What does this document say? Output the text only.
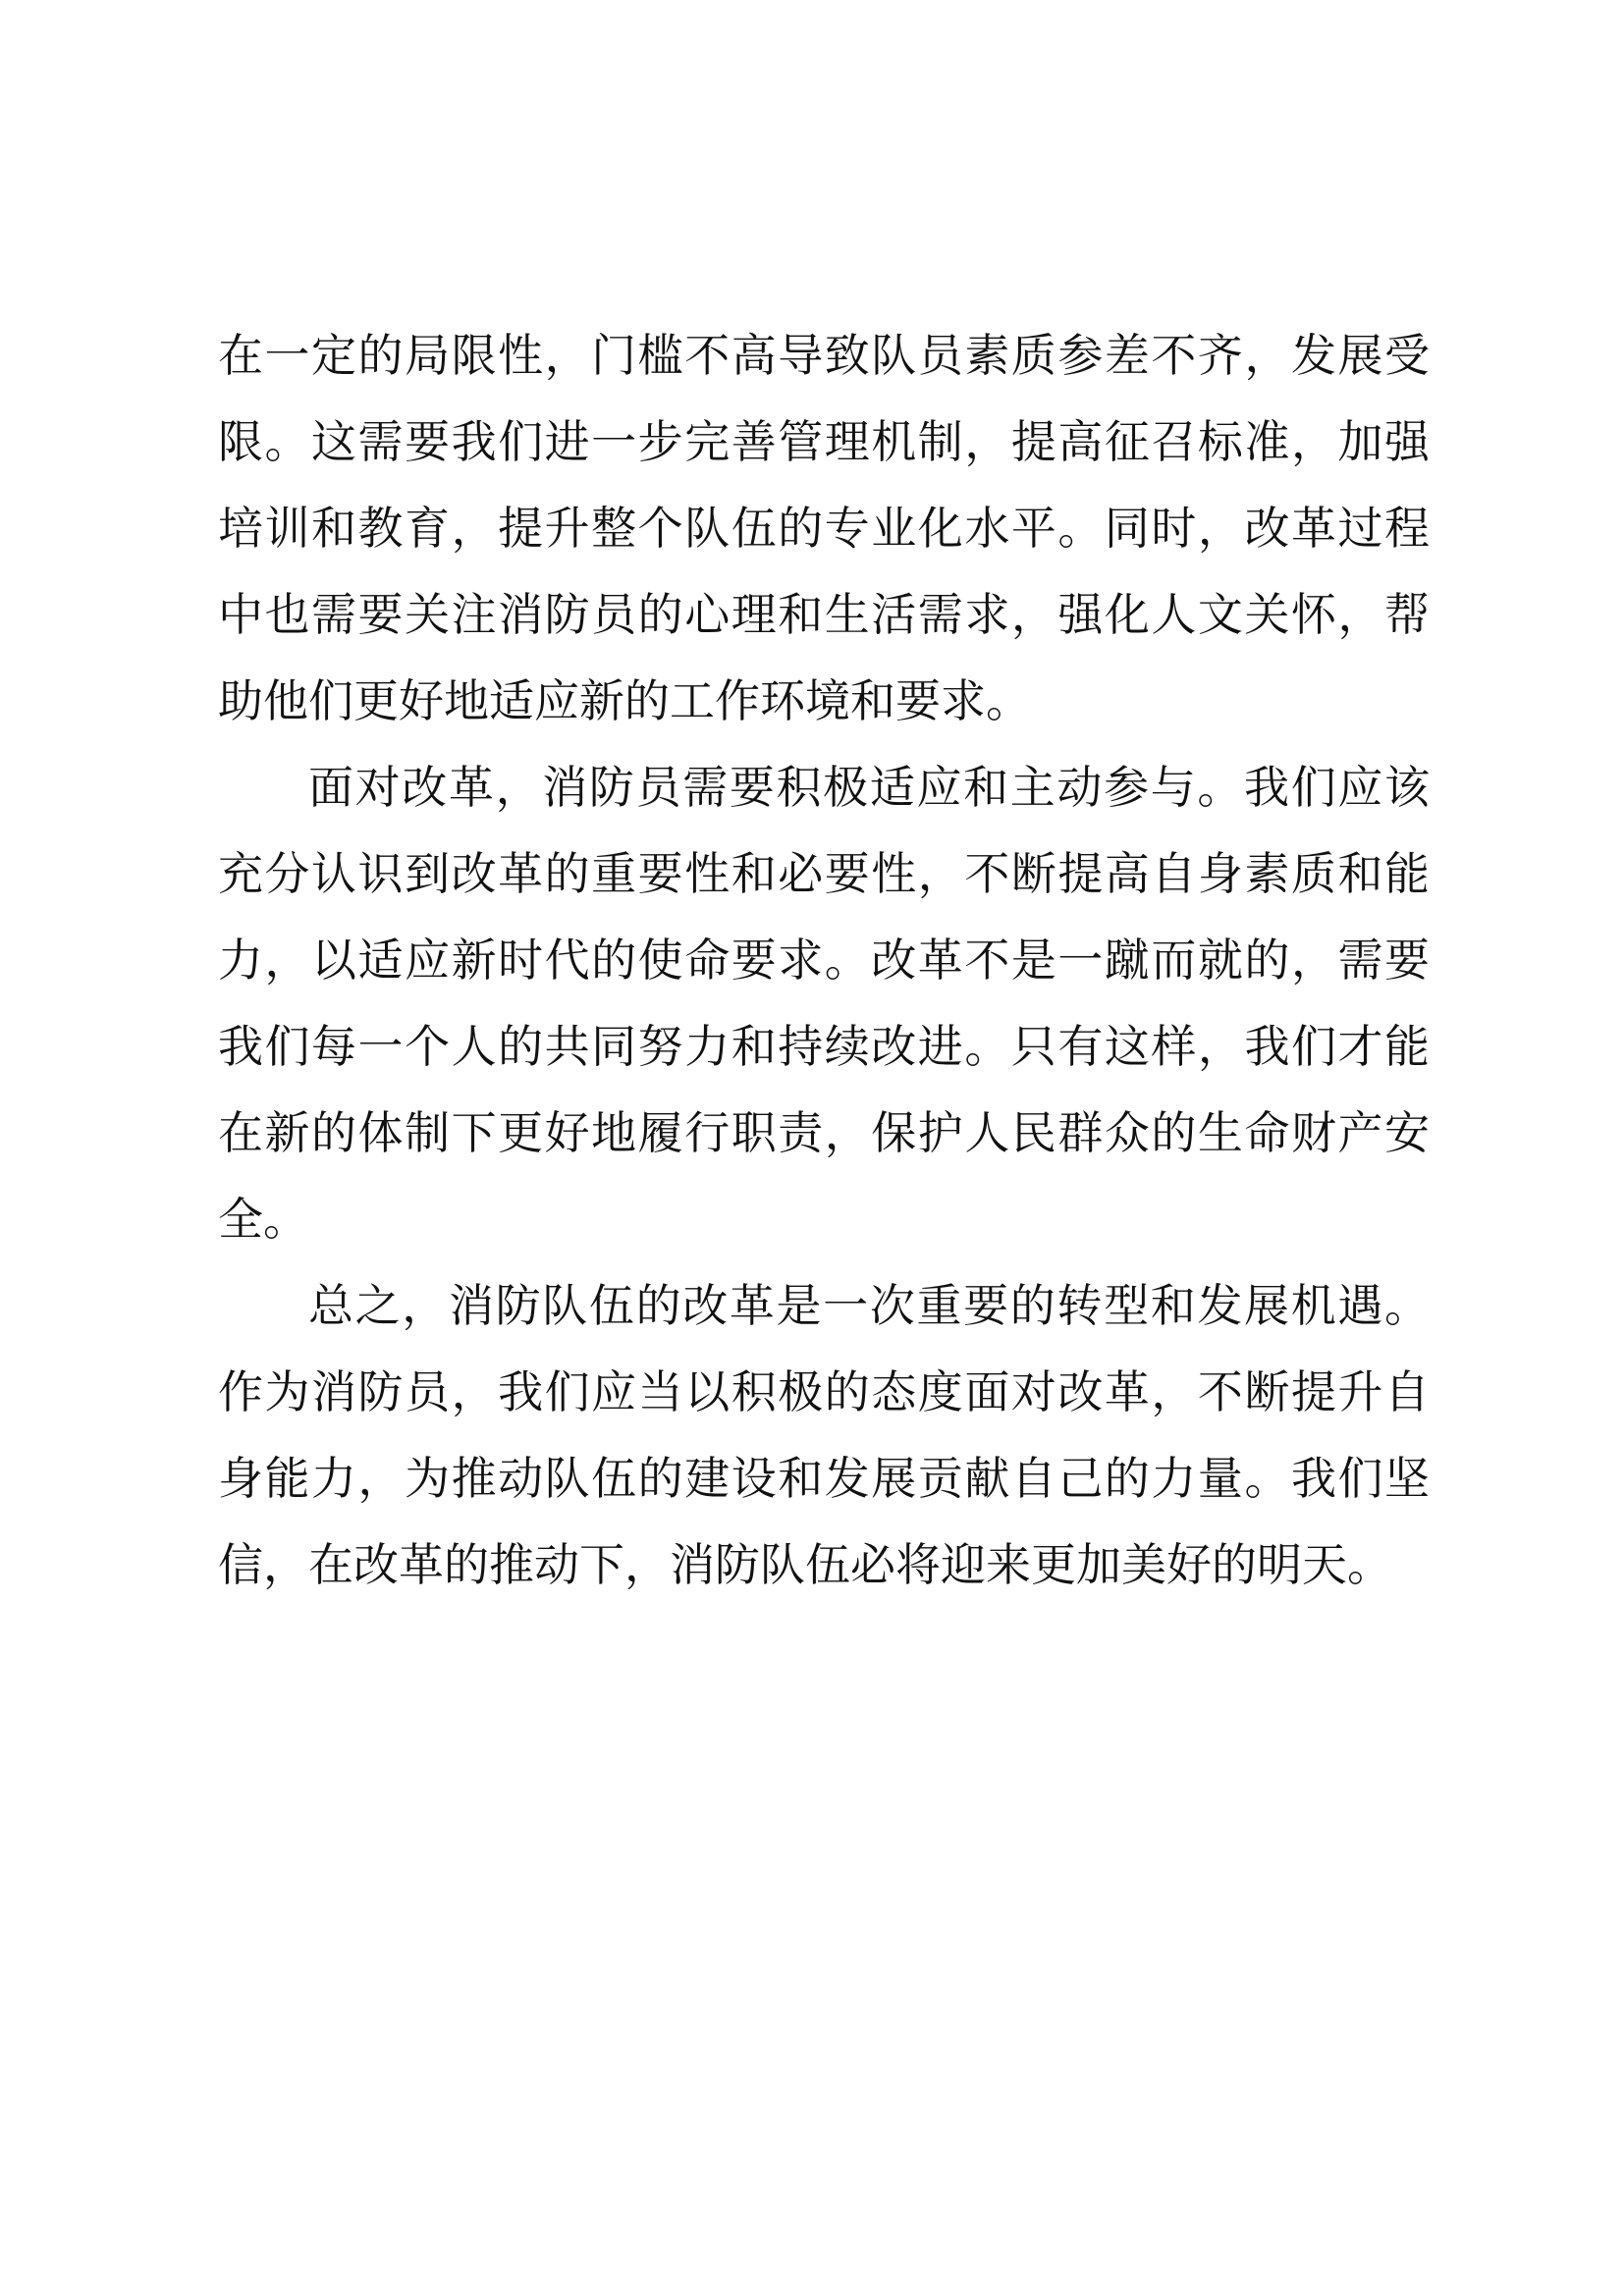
在一定的局限性，门槛不高导致队员素质参差不齐，发展受限。这需要我们进一步完善管理机制，提高征召标准，加强培训和教育，提升整个队伍的专业化水平。同时，改革过程中也需要关注消防员的心理和生活需求，强化人文关怀，帮助他们更好地适应新的工作环境和要求。

面对改革，消防员需要积极适应和主动参与。我们应该充分认识到改革的重要性和必要性，不断提高自身素质和能力，以适应新时代的使命要求。改革不是一蹴而就的，需要我们每一个人的共同努力和持续改进。只有这样，我们才能在新的体制下更好地履行职责，保护人民群众的生命财产安全。

总之，消防队伍的改革是一次重要的转型和发展机遇。作为消防员，我们应当以积极的态度面对改革，不断提升自身能力，为推动队伍的建设和发展贡献自己的力量。我们坚信，在改革的推动下，消防队伍必将迎来更加美好的明天。
